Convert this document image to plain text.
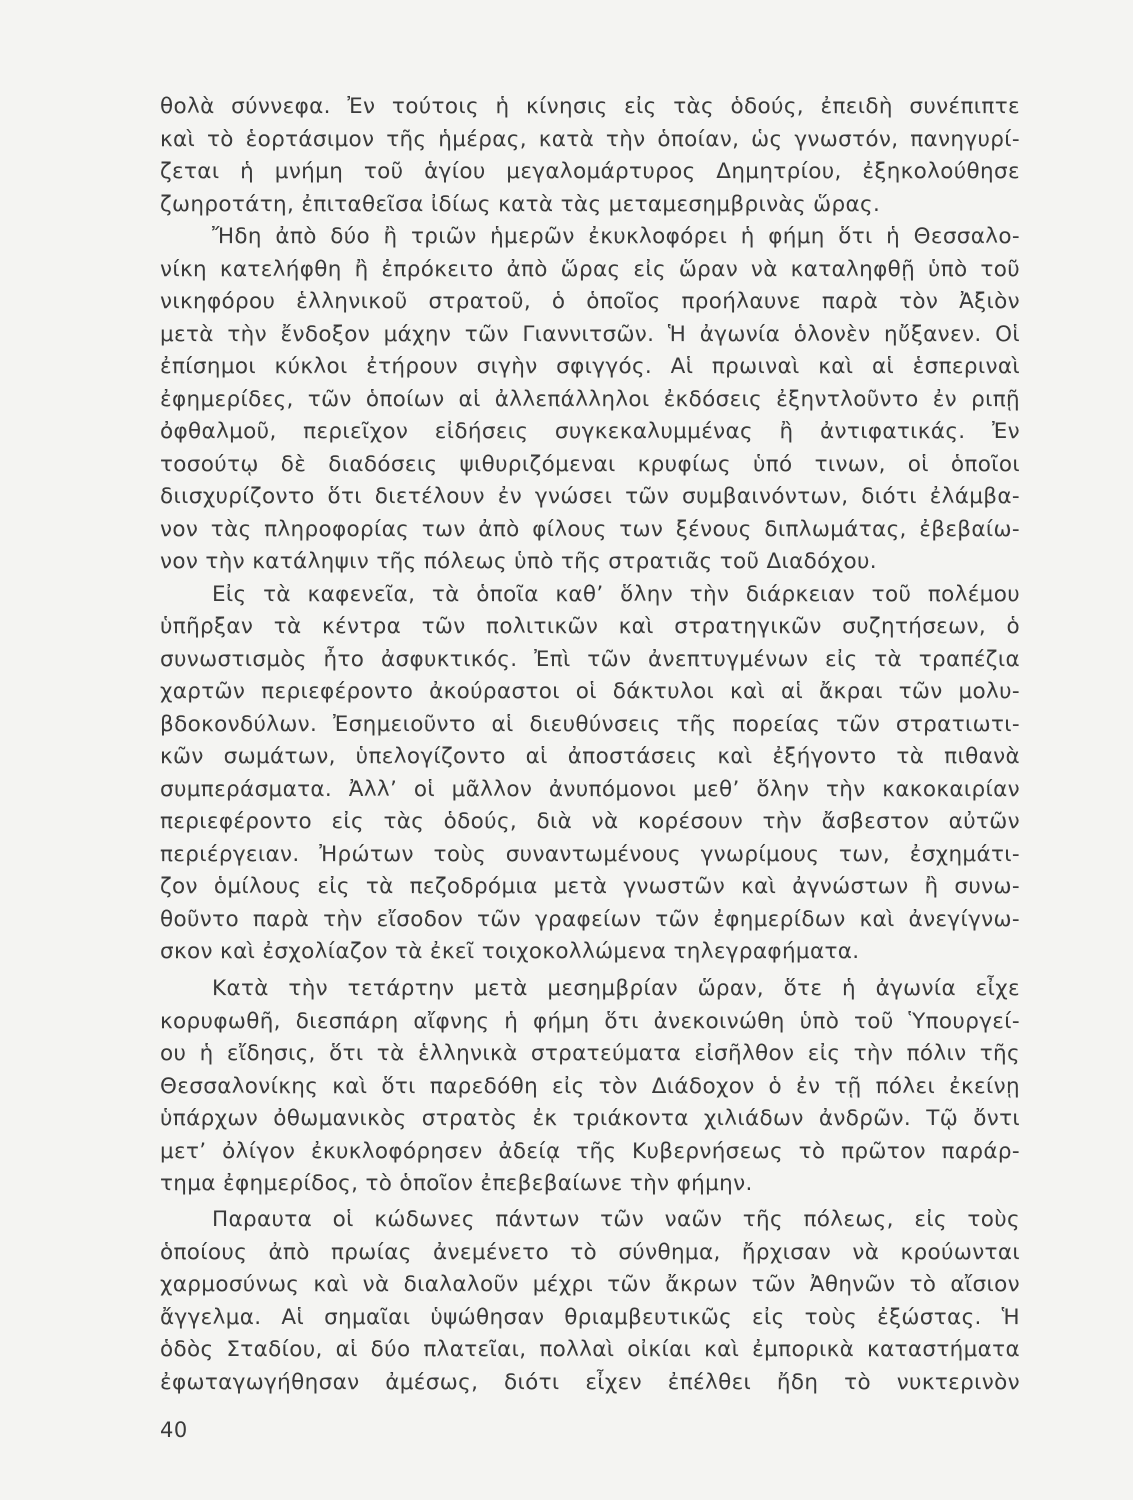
θολὰ σύννεφα. Ἐν τούτοις ἡ κίνησις εἰς τὰς ὁδούς, ἐπειδὴ συνέπιπτε
καὶ τὸ ἑορτάσιμον τῆς ἡμέρας, κατὰ τὴν ὁποίαν, ὡς γνωστόν, πανηγυρί-
ζεται ἡ μνήμη τοῦ ἁγίου μεγαλομάρτυρος Δημητρίου, ἐξηκολούθησε
ζωηροτάτη, ἐπιταθεῖσα ἰδίως κατὰ τὰς μεταμεσημβρινὰς ὥρας.
Ἤδη ἀπὸ δύο ἢ τριῶν ἡμερῶν ἐκυκλοφόρει ἡ φήμη ὅτι ἡ Θεσσαλο-
νίκη κατελήφθη ἢ ἐπρόκειτο ἀπὸ ὥρας εἰς ὥραν νὰ καταληφθῇ ὑπὸ τοῦ
νικηφόρου ἑλληνικοῦ στρατοῦ, ὁ ὁποῖος προήλαυνε παρὰ τὸν Ἀξιὸν
μετὰ τὴν ἔνδοξον μάχην τῶν Γιαννιτσῶν. Ἡ ἀγωνία ὁλονὲν ηὔξανεν. Οἱ
ἐπίσημοι κύκλοι ἐτήρουν σιγὴν σφιγγός. Αἱ πρωιναὶ καὶ αἱ ἑσπεριναὶ
ἐφημερίδες, τῶν ὁποίων αἱ ἀλλεπάλληλοι ἐκδόσεις ἐξηντλοῦντο ἐν ριπῇ
ὀφθαλμοῦ, περιεῖχον εἰδήσεις συγκεκαλυμμένας ἢ ἀντιφατικάς. Ἐν
τοσούτῳ δὲ διαδόσεις ψιθυριζόμεναι κρυφίως ὑπό τινων, οἱ ὁποῖοι
διισχυρίζοντο ὅτι διετέλουν ἐν γνώσει τῶν συμβαινόντων, διότι ἐλάμβα-
νον τὰς πληροφορίας των ἀπὸ φίλους των ξένους διπλωμάτας, ἐβεβαίω-
νον τὴν κατάληψιν τῆς πόλεως ὑπὸ τῆς στρατιᾶς τοῦ Διαδόχου.
Εἰς τὰ καφενεῖα, τὰ ὁποῖα καθ’ ὅλην τὴν διάρκειαν τοῦ πολέμου
ὑπῆρξαν τὰ κέντρα τῶν πολιτικῶν καὶ στρατηγικῶν συζητήσεων, ὁ
συνωστισμὸς ἦτο ἀσφυκτικός. Ἐπὶ τῶν ἀνεπτυγμένων εἰς τὰ τραπέζια
χαρτῶν περιεφέροντο ἀκούραστοι οἱ δάκτυλοι καὶ αἱ ἄκραι τῶν μολυ-
βδοκονδύλων. Ἐσημειοῦντο αἱ διευθύνσεις τῆς πορείας τῶν στρατιωτι-
κῶν σωμάτων, ὑπελογίζοντο αἱ ἀποστάσεις καὶ ἐξήγοντο τὰ πιθανὰ
συμπεράσματα. Ἀλλ’ οἱ μᾶλλον ἀνυπόμονοι μεθ’ ὅλην τὴν κακοκαιρίαν
περιεφέροντο εἰς τὰς ὁδούς, διὰ νὰ κορέσουν τὴν ἄσβεστον αὐτῶν
περιέργειαν. Ἠρώτων τοὺς συναντωμένους γνωρίμους των, ἐσχημάτι-
ζον ὁμίλους εἰς τὰ πεζοδρόμια μετὰ γνωστῶν καὶ ἀγνώστων ἢ συνω-
θοῦντο παρὰ τὴν εἴσοδον τῶν γραφείων τῶν ἐφημερίδων καὶ ἀνεγίγνω-
σκον καὶ ἐσχολίαζον τὰ ἐκεῖ τοιχοκολλώμενα τηλεγραφήματα.
Κατὰ τὴν τετάρτην μετὰ μεσημβρίαν ὥραν, ὅτε ἡ ἀγωνία εἶχε
κορυφωθῆ, διεσπάρη αἴφνης ἡ φήμη ὅτι ἀνεκοινώθη ὑπὸ τοῦ Ὑπουργεί-
ου ἡ εἴδησις, ὅτι τὰ ἑλληνικὰ στρατεύματα εἰσῆλθον εἰς τὴν πόλιν τῆς
Θεσσαλονίκης καὶ ὅτι παρεδόθη εἰς τὸν Διάδοχον ὁ ἐν τῇ πόλει ἐκείνῃ
ὑπάρχων ὀθωμανικὸς στρατὸς ἐκ τριάκοντα χιλιάδων ἀνδρῶν. Τῷ ὄντι
μετ’ ὀλίγον ἐκυκλοφόρησεν ἀδείᾳ τῆς Κυβερνήσεως τὸ πρῶτον παράρ-
τημα ἐφημερίδος, τὸ ὁποῖον ἐπεβεβαίωνε τὴν φήμην.
Παραυτα οἱ κώδωνες πάντων τῶν ναῶν τῆς πόλεως, εἰς τοὺς
ὁποίους ἀπὸ πρωίας ἀνεμένετο τὸ σύνθημα, ἤρχισαν νὰ κρούωνται
χαρμοσύνως καὶ νὰ διαλαλοῦν μέχρι τῶν ἄκρων τῶν Ἀθηνῶν τὸ αἴσιον
ἄγγελμα. Αἱ σημαῖαι ὑψώθησαν θριαμβευτικῶς εἰς τοὺς ἐξώστας. Ἡ
ὁδὸς Σταδίου, αἱ δύο πλατεῖαι, πολλαὶ οἰκίαι καὶ ἐμπορικὰ καταστήματα
ἐφωταγωγήθησαν ἀμέσως, διότι εἶχεν ἐπέλθει ἤδη τὸ νυκτερινὸν
40
